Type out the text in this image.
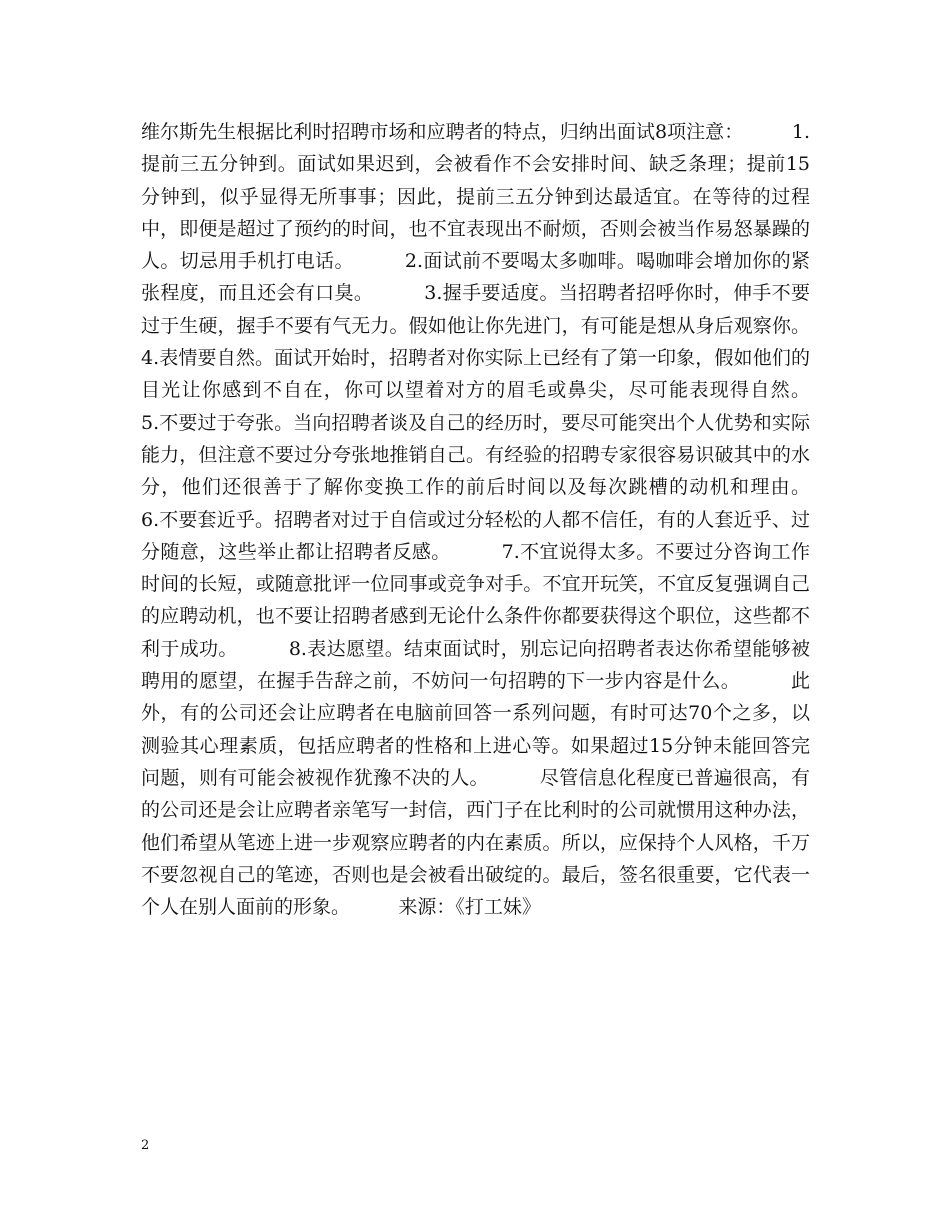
维尔斯先生根据比利时招聘市场和应聘者的特点，归纳出面试8项注意：        1.提前三五分钟到。面试如果迟到，会被看作不会安排时间、缺乏条理；提前15分钟到，似乎显得无所事事；因此，提前三五分钟到达最适宜。在等待的过程中，即便是超过了预约的时间，也不宜表现出不耐烦，否则会被当作易怒暴躁的人。切忌用手机打电话。        2.面试前不要喝太多咖啡。喝咖啡会增加你的紧张程度，而且还会有口臭。        3.握手要适度。当招聘者招呼你时，伸手不要过于生硬，握手不要有气无力。假如他让你先进门，有可能是想从身后观察你。        4.表情要自然。面试开始时，招聘者对你实际上已经有了第一印象，假如他们的目光让你感到不自在，你可以望着对方的眉毛或鼻尖，尽可能表现得自然。        5.不要过于夸张。当向招聘者谈及自己的经历时，要尽可能突出个人优势和实际能力，但注意不要过分夸张地推销自己。有经验的招聘专家很容易识破其中的水分，他们还很善于了解你变换工作的前后时间以及每次跳槽的动机和理由。        6.不要套近乎。招聘者对过于自信或过分轻松的人都不信任，有的人套近乎、过分随意，这些举止都让招聘者反感。        7.不宜说得太多。不要过分咨询工作时间的长短，或随意批评一位同事或竞争对手。不宜开玩笑，不宜反复强调自己的应聘动机，也不要让招聘者感到无论什么条件你都要获得这个职位，这些都不利于成功。        8.表达愿望。结束面试时，别忘记向招聘者表达你希望能够被聘用的愿望，在握手告辞之前，不妨问一句招聘的下一步内容是什么。        此外，有的公司还会让应聘者在电脑前回答一系列问题，有时可达70个之多，以测验其心理素质，包括应聘者的性格和上进心等。如果超过15分钟未能回答完问题，则有可能会被视作犹豫不决的人。        尽管信息化程度已普遍很高，有的公司还是会让应聘者亲笔写一封信，西门子在比利时的公司就惯用这种办法，他们希望从笔迹上进一步观察应聘者的内在素质。所以，应保持个人风格，千万不要忽视自己的笔迹，否则也是会被看出破绽的。最后，签名很重要，它代表一个人在别人面前的形象。        来源：《打工妹》
2
